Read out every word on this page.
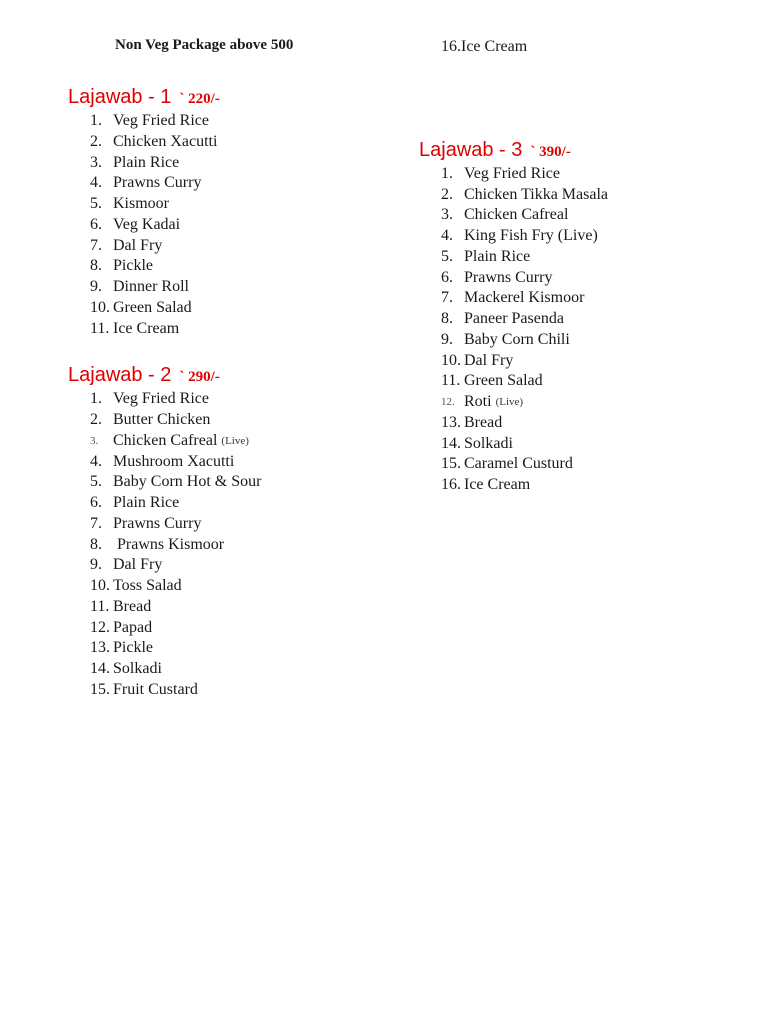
Non Veg Package above 500
Lajawab - 1 ` 220/-
1. Veg Fried Rice
2. Chicken Xacutti
3. Plain Rice
4. Prawns Curry
5. Kismoor
6. Veg Kadai
7. Dal Fry
8. Pickle
9. Dinner Roll
10. Green Salad
11. Ice Cream
Lajawab - 2 ` 290/-
1. Veg Fried Rice
2. Butter Chicken
3. Chicken Cafreal (Live)
4. Mushroom Xacutti
5. Baby Corn Hot & Sour
6. Plain Rice
7. Prawns Curry
8. Prawns Kismoor
9. Dal Fry
10. Toss Salad
11. Bread
12. Papad
13. Pickle
14. Solkadi
15. Fruit Custard
16. Ice Cream
Lajawab - 3 ` 390/-
1. Veg Fried Rice
2. Chicken Tikka Masala
3. Chicken Cafreal
4. King Fish Fry (Live)
5. Plain Rice
6. Prawns Curry
7. Mackerel Kismoor
8. Paneer Pasenda
9. Baby Corn Chili
10. Dal Fry
11. Green Salad
12. Roti (Live)
13. Bread
14. Solkadi
15. Caramel Custurd
16. Ice Cream
